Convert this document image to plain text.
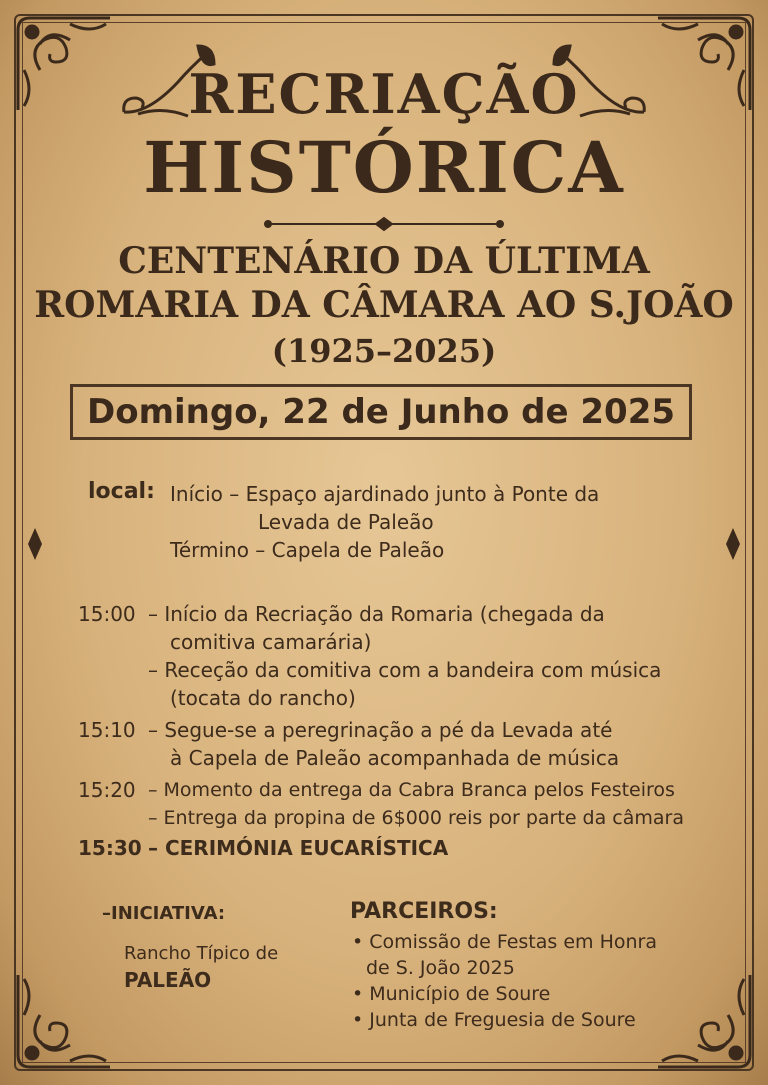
RECRIAÇÃO
HISTÓRICA
CENTENÁRIO DA ÚLTIMA
ROMARIA DA CÂMARA AO S.JOÃO
(1925–2025)
Domingo, 22 de Junho de 2025
local: Início – Espaço ajardinado junto à Ponte da
Levada de Paleão
Término – Capela de Paleão
15:00 – Início da Recriação da Romaria (chegada da
comitiva camarária)
– Receção da comitiva com a bandeira com música
(tocata do rancho)
15:10 – Segue-se a peregrinação a pé da Levada até
à Capela de Paleão acompanhada de música
15:20 – Momento da entrega da Cabra Branca pelos Festeiros
– Entrega da propina de 6$000 reis por parte da câmara
15:30 – CERIMÓNIA EUCARÍSTICA
–INICIATIVA:
Rancho Típico de
PALEÃO
PARCEIROS:
• Comissão de Festas em Honra
de S. João 2025
• Município de Soure
• Junta de Freguesia de Soure
